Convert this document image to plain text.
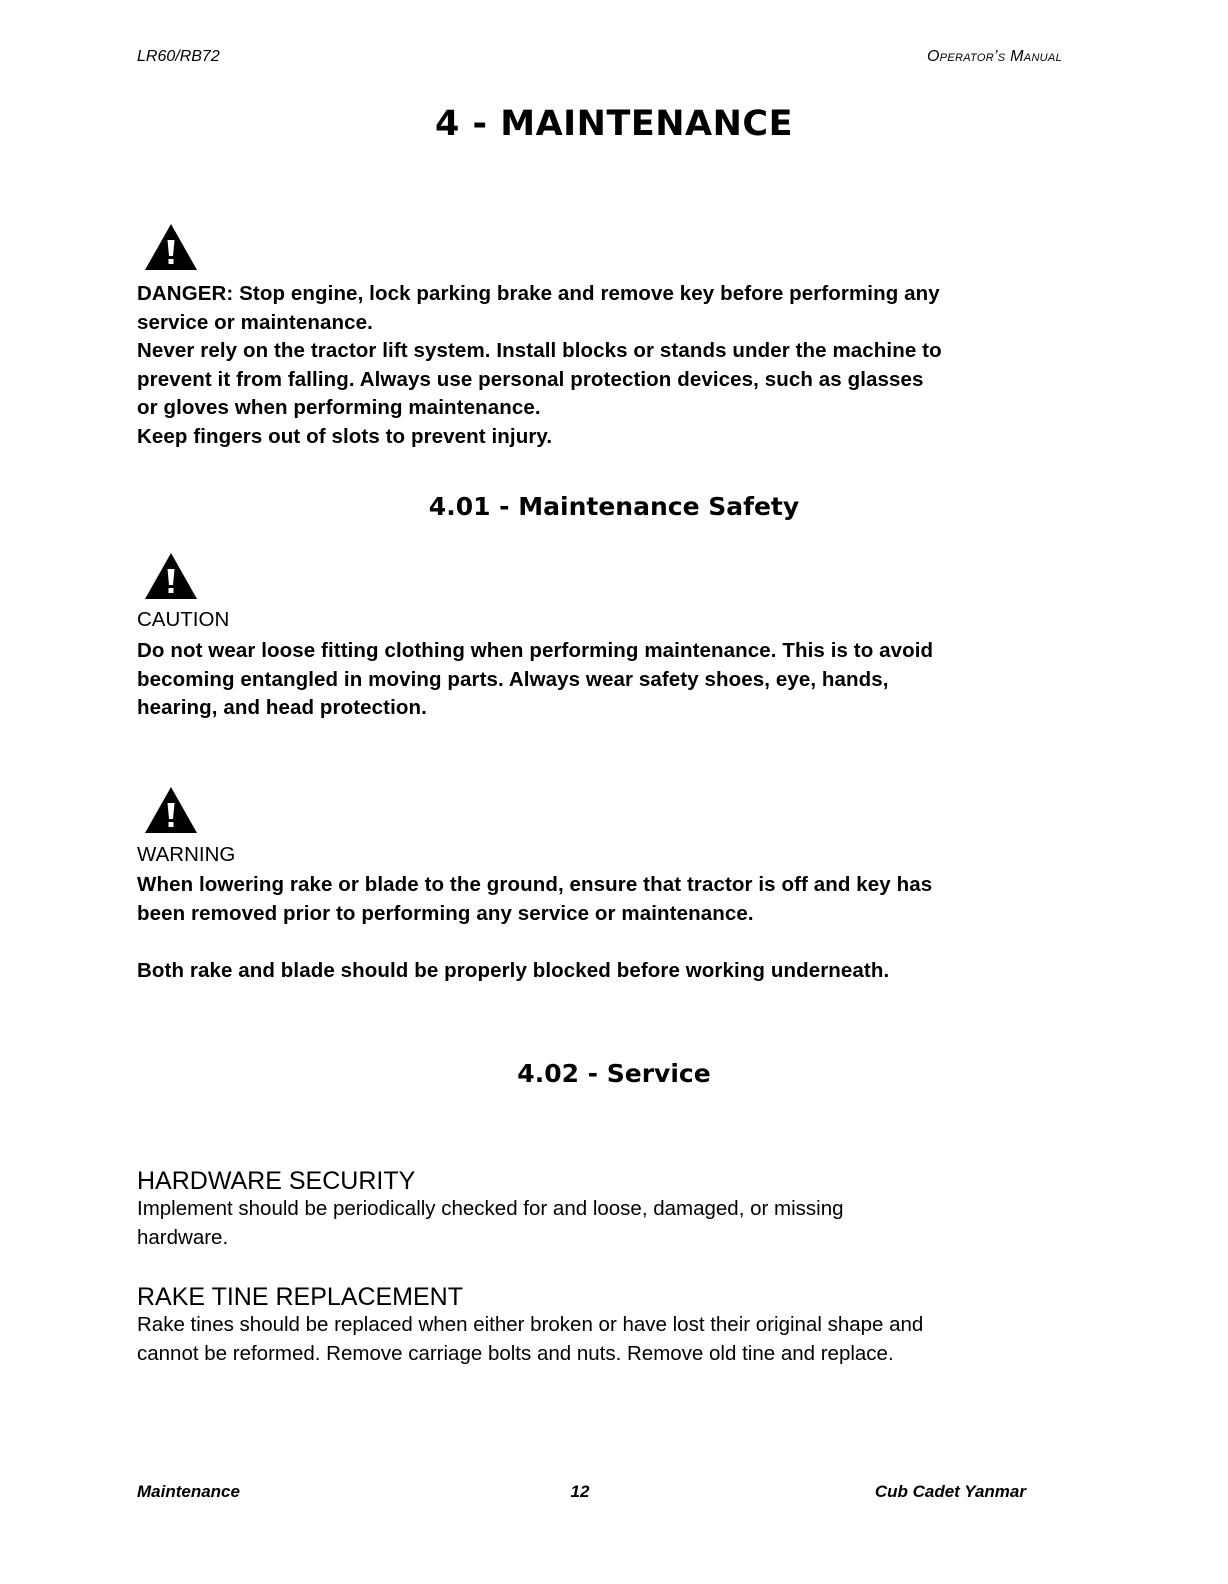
LR60/RB72	Operator’s Manual
4 - MAINTENANCE
DANGER: Stop engine, lock parking brake and remove key before performing any
service or maintenance.
Never rely on the tractor lift system. Install blocks or stands under the machine to
prevent it from falling. Always use personal protection devices, such as glasses
or gloves when performing maintenance.
Keep fingers out of slots to prevent injury.
4.01 - Maintenance Safety
CAUTION
Do not wear loose fitting clothing when performing maintenance. This is to avoid
becoming entangled in moving parts. Always wear safety shoes, eye, hands,
hearing, and head protection.
WARNING
When lowering rake or blade to the ground, ensure that tractor is off and key has
been removed prior to performing any service or maintenance.
Both rake and blade should be properly blocked before working underneath.
4.02 - Service
HARDWARE SECURITY
Implement should be periodically checked for and loose, damaged, or missing
hardware.
RAKE TINE REPLACEMENT
Rake tines should be replaced when either broken or have lost their original shape and
cannot be reformed. Remove carriage bolts and nuts. Remove old tine and replace.
Maintenance	12	Cub Cadet Yanmar
